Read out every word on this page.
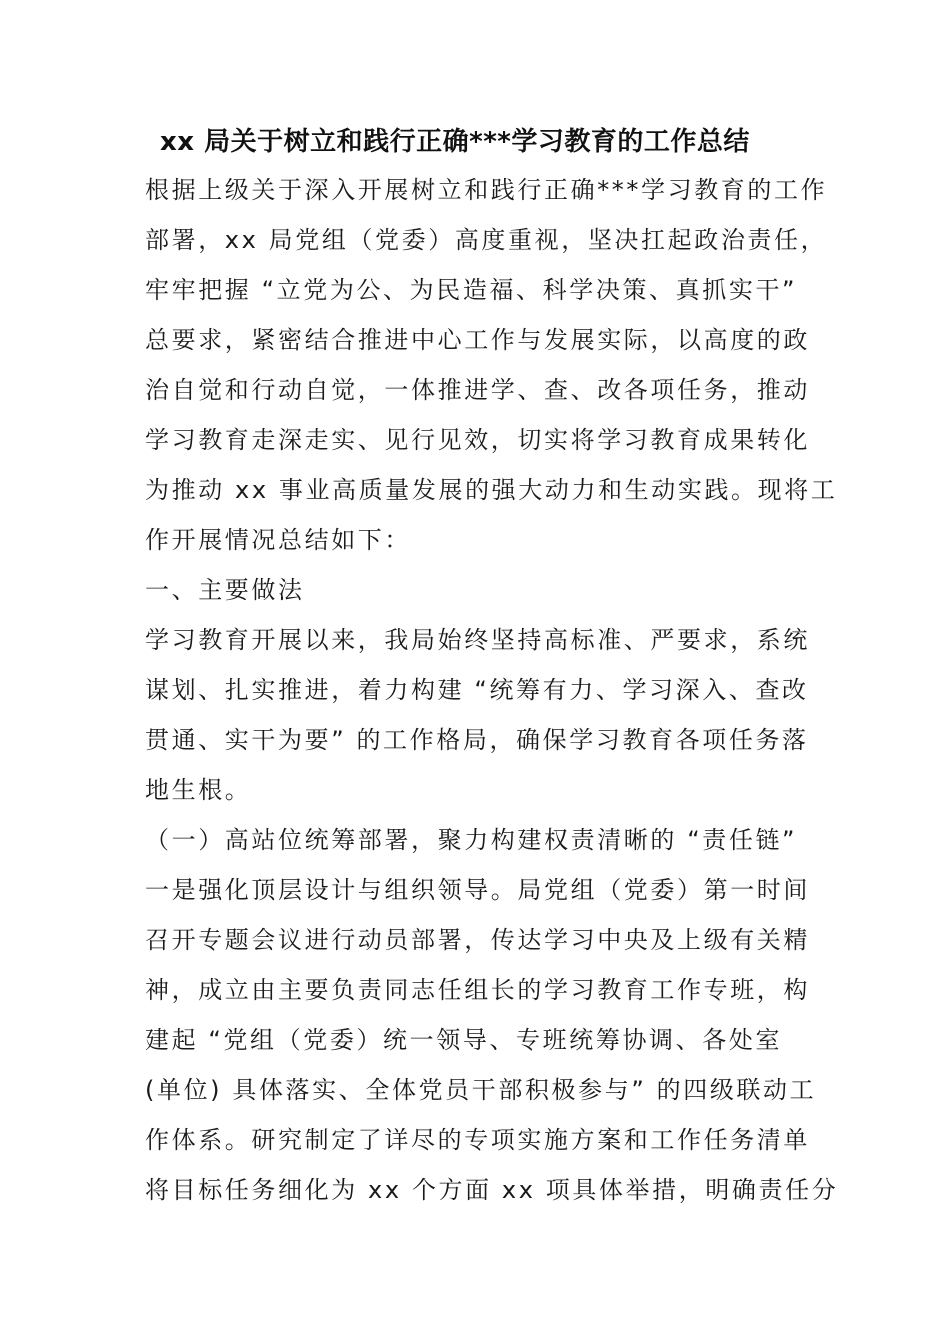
xx 局关于树立和践行正确***学习教育的工作总结
根据上级关于深入开展树立和践行正确***学习教育的工作
部署，xx 局党组（党委）高度重视，坚决扛起政治责任，
牢牢把握 “立党为公、为民造福、科学决策、真抓实干”
总要求，紧密结合推进中心工作与发展实际，以高度的政
治自觉和行动自觉，一体推进学、查、改各项任务，推动
学习教育走深走实、见行见效，切实将学习教育成果转化
为推动 xx 事业高质量发展的强大动力和生动实践。现将工
作开展情况总结如下：
一、主要做法
学习教育开展以来，我局始终坚持高标准、严要求，系统
谋划、扎实推进，着力构建 “统筹有力、学习深入、查改
贯通、实干为要” 的工作格局，确保学习教育各项任务落
地生根。
（一）高站位统筹部署，聚力构建权责清晰的 “责任链”
一是强化顶层设计与组织领导。局党组（党委）第一时间
召开专题会议进行动员部署，传达学习中央及上级有关精
神，成立由主要负责同志任组长的学习教育工作专班，构
建起 “党组（党委）统一领导、专班统筹协调、各处室
(单位) 具体落实、全体党员干部积极参与” 的四级联动工
作体系。研究制定了详尽的专项实施方案和工作任务清单
将目标任务细化为 xx 个方面 xx 项具体举措，明确责任分
